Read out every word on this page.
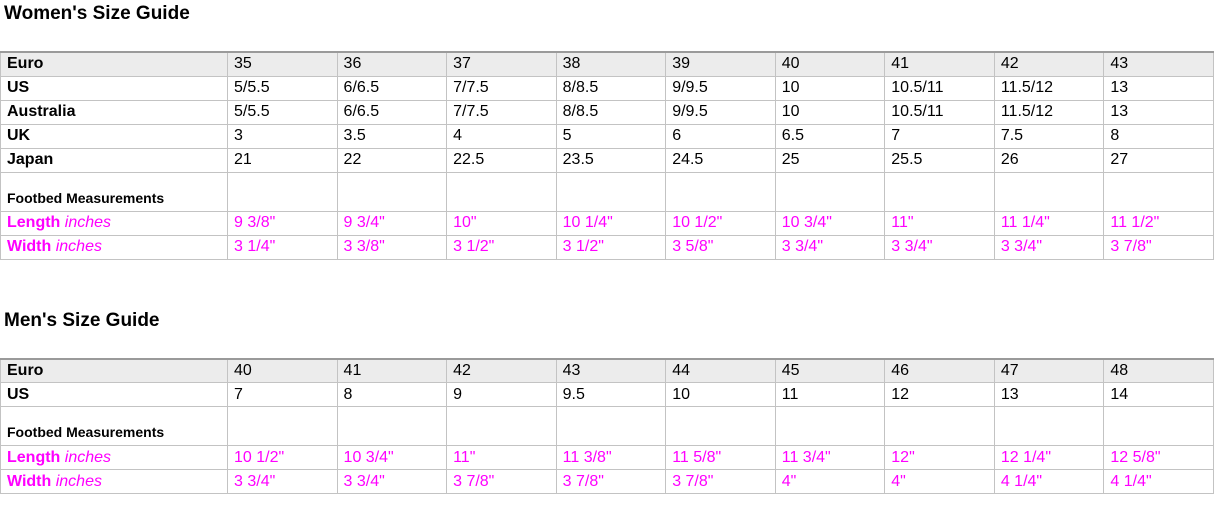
Women's Size Guide
Euro	35	36	37	38	39	40	41	42	43
US	5/5.5	6/6.5	7/7.5	8/8.5	9/9.5	10	10.5/11	11.5/12	13
Australia	5/5.5	6/6.5	7/7.5	8/8.5	9/9.5	10	10.5/11	11.5/12	13
UK	3	3.5	4	5	6	6.5	7	7.5	8
Japan	21	22	22.5	23.5	24.5	25	25.5	26	27
Footbed Measurements									
Length inches	9 3/8"	9 3/4"	10"	10 1/4"	10 1/2"	10 3/4"	11"	11 1/4"	11 1/2"
Width inches	3 1/4"	3 3/8"	3 1/2"	3 1/2"	3 5/8"	3 3/4"	3 3/4"	3 3/4"	3 7/8"
Men's Size Guide
Euro	40	41	42	43	44	45	46	47	48
US	7	8	9	9.5	10	11	12	13	14
Footbed Measurements									
Length inches	10 1/2"	10 3/4"	11"	11 3/8"	11 5/8"	11 3/4"	12"	12 1/4"	12 5/8"
Width inches	3 3/4"	3 3/4"	3 7/8"	3 7/8"	3 7/8"	4"	4"	4 1/4"	4 1/4"
